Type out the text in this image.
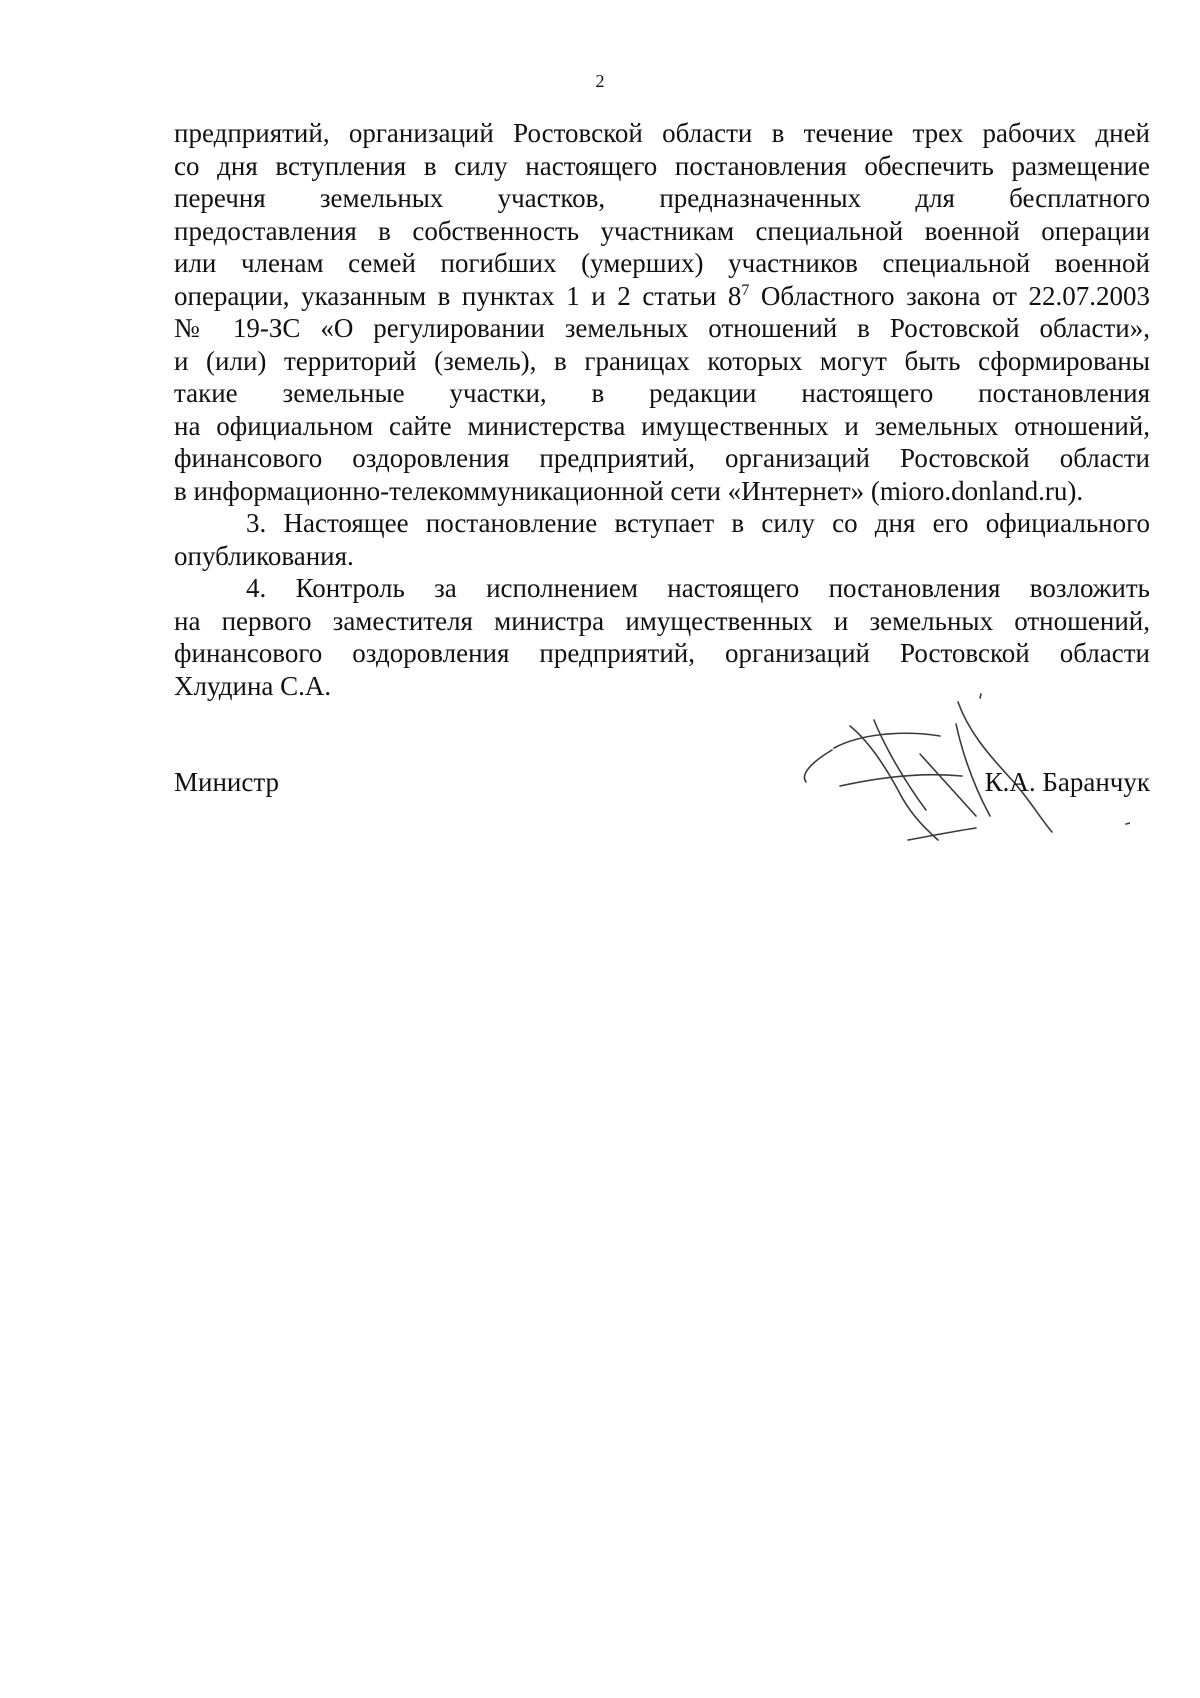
2
предприятий, организаций Ростовской области в течение трех рабочих дней
со дня вступления в силу настоящего постановления обеспечить размещение
перечня земельных участков, предназначенных для бесплатного
предоставления в собственность участникам специальной военной операции
или членам семей погибших (умерших) участников специальной военной
операции, указанным в пунктах 1 и 2 статьи $8^7$ Областного закона от 22.07.2003
№ 19-ЗС «О регулировании земельных отношений в Ростовской области»,
и (или) территорий (земель), в границах которых могут быть сформированы
такие земельные участки, в редакции настоящего постановления
на официальном сайте министерства имущественных и земельных отношений,
финансового оздоровления предприятий, организаций Ростовской области
в информационно-телекоммуникационной сети «Интернет» (mioro.donland.ru).
3. Настоящее постановление вступает в силу со дня его официального
опубликования.
4. Контроль за исполнением настоящего постановления возложить
на первого заместителя министра имущественных и земельных отношений,
финансового оздоровления предприятий, организаций Ростовской области
Хлудина С.А.
Министр	К.А. Баранчук
